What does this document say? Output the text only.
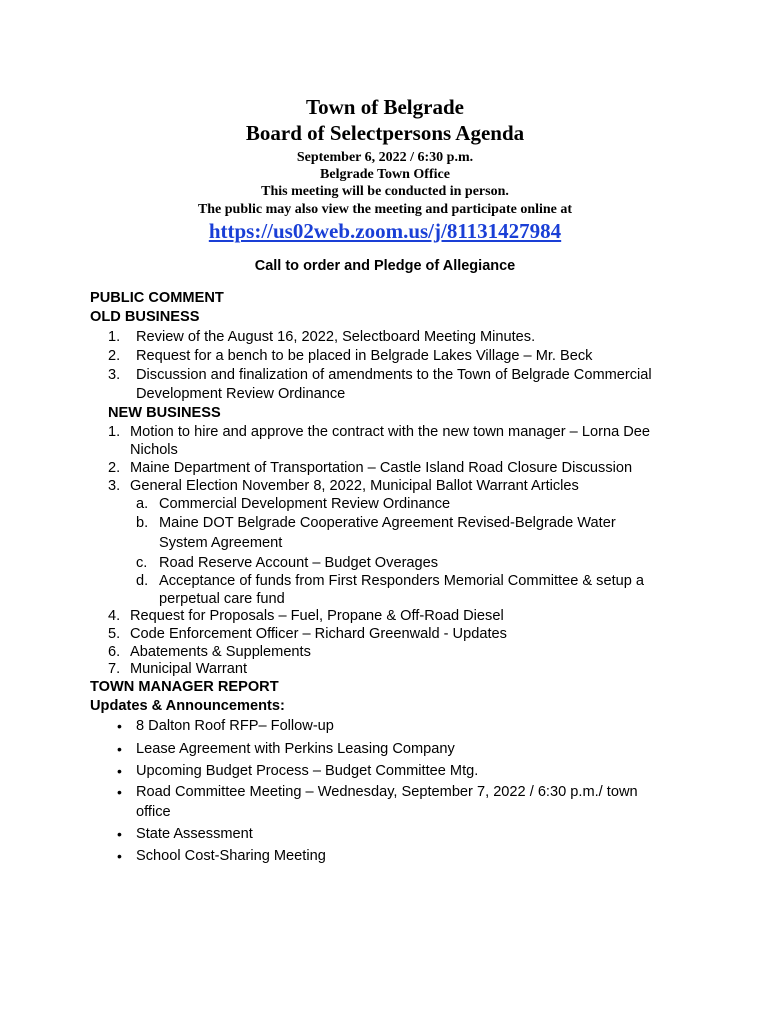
Town of Belgrade
Board of Selectpersons Agenda
September 6, 2022 / 6:30 p.m.
Belgrade Town Office
This meeting will be conducted in person.
The public may also view the meeting and participate online at
https://us02web.zoom.us/j/81131427984
Call to order and Pledge of Allegiance
PUBLIC COMMENT
OLD BUSINESS
1. Review of the August 16, 2022, Selectboard Meeting Minutes.
2. Request for a bench to be placed in Belgrade Lakes Village – Mr. Beck
3. Discussion and finalization of amendments to the Town of Belgrade Commercial
Development Review Ordinance
NEW BUSINESS
1. Motion to hire and approve the contract with the new town manager – Lorna Dee
Nichols
2. Maine Department of Transportation – Castle Island Road Closure Discussion
3. General Election November 8, 2022, Municipal Ballot Warrant Articles
a. Commercial Development Review Ordinance
b. Maine DOT Belgrade Cooperative Agreement Revised-Belgrade Water
System Agreement
c. Road Reserve Account – Budget Overages
d. Acceptance of funds from First Responders Memorial Committee & setup a
perpetual care fund
4. Request for Proposals – Fuel, Propane & Off-Road Diesel
5. Code Enforcement Officer – Richard Greenwald - Updates
6. Abatements & Supplements
7. Municipal Warrant
TOWN MANAGER REPORT
Updates & Announcements:
• 8 Dalton Roof RFP– Follow-up
• Lease Agreement with Perkins Leasing Company
• Upcoming Budget Process – Budget Committee Mtg.
• Road Committee Meeting – Wednesday, September 7, 2022 / 6:30 p.m./ town
office
• State Assessment
• School Cost-Sharing Meeting
